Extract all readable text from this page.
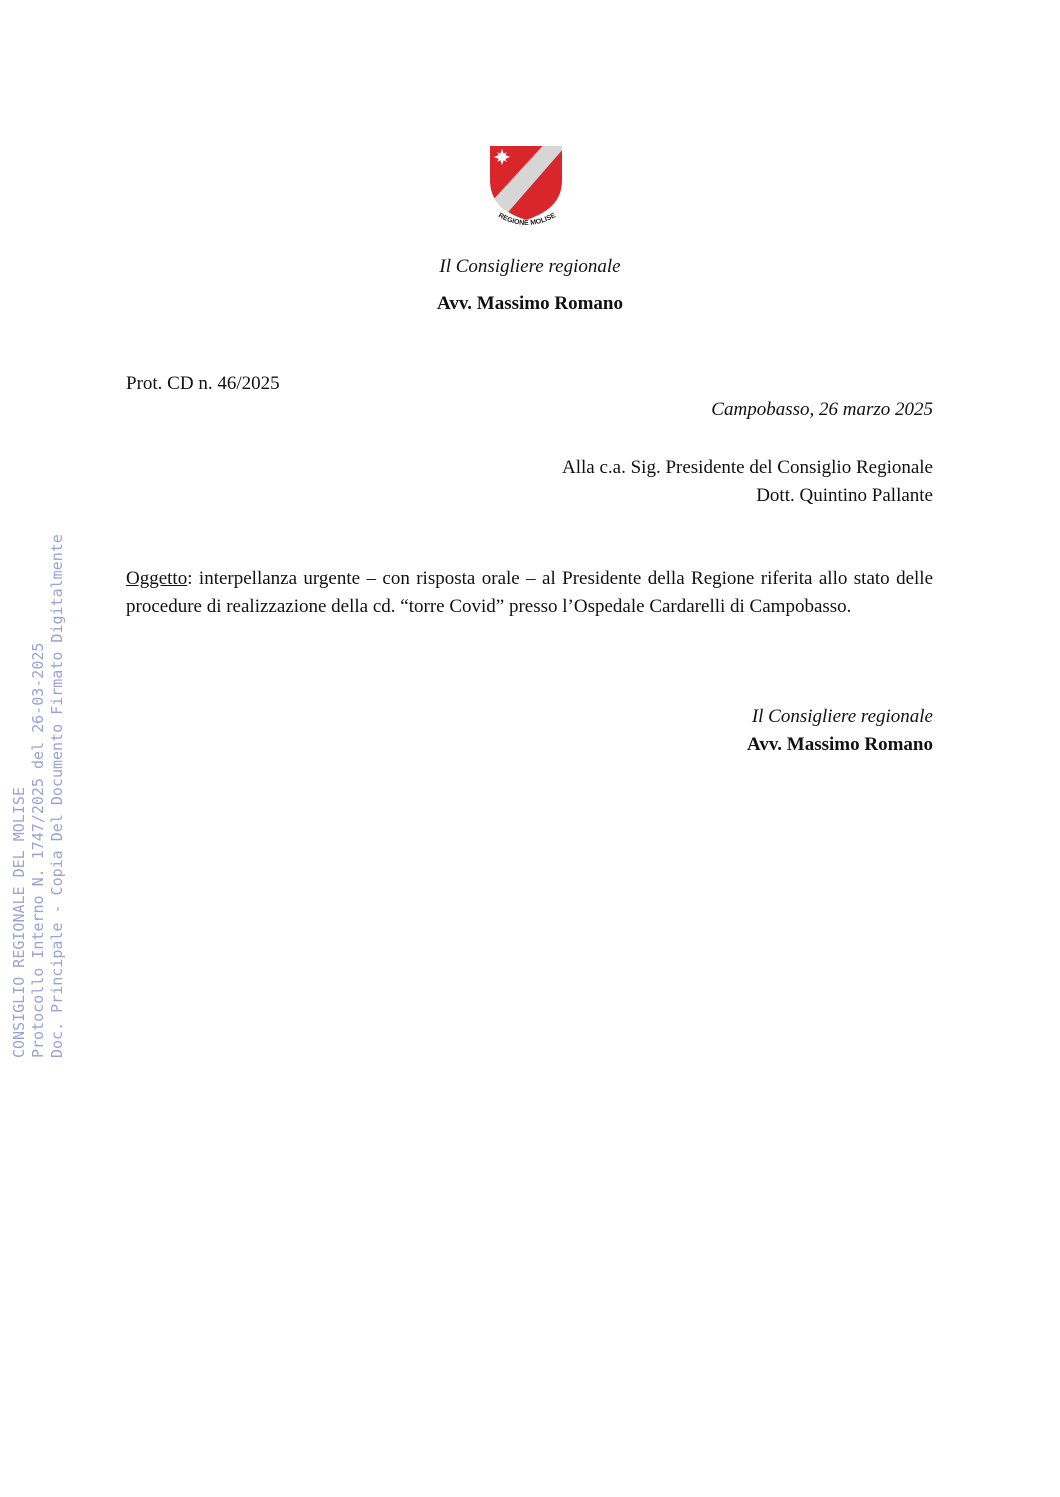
REGIONE MOLISE
Il Consigliere regionale
Avv. Massimo Romano
Prot. CD n. 46/2025
Campobasso, 26 marzo 2025
Alla c.a. Sig. Presidente del Consiglio Regionale
Dott. Quintino Pallante
Oggetto: interpellanza urgente – con risposta orale – al Presidente della Regione riferita allo stato delle procedure di realizzazione della cd. “torre Covid” presso l’Ospedale Cardarelli di Campobasso.
Il Consigliere regionale
Avv. Massimo Romano
CONSIGLIO REGIONALE DEL MOLISE Protocollo Interno N. 1747/2025 del 26-03-2025 Doc. Principale - Copia Del Documento Firmato Digitalmente
